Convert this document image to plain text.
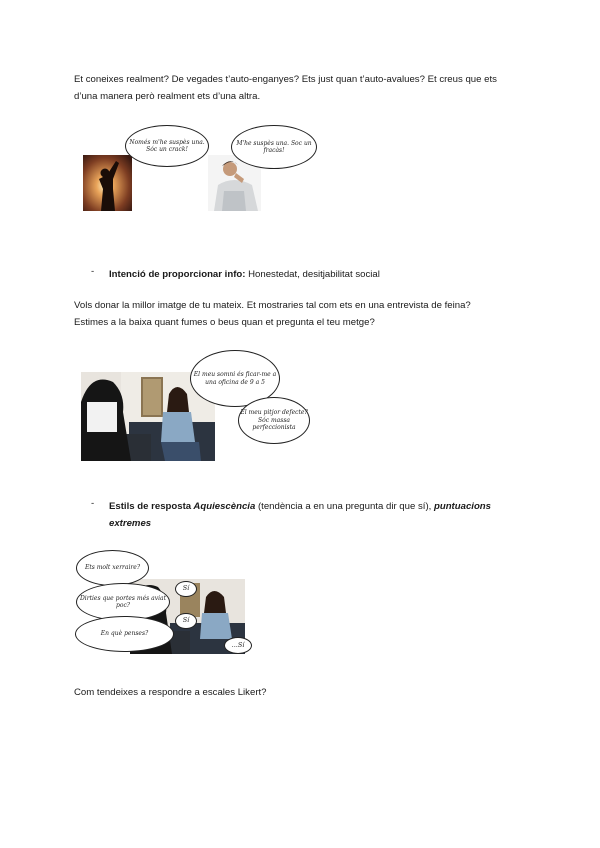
Et coneixes realment? De vegades t’auto-enganyes? Ets just quan t’auto-avalues? Et creus que ets
d’una manera però realment ets d’una altra.
Només m'he suspès una. Sóc un crack!
M'he suspès una. Soc un fracàs!
- Intenció de proporcionar info: Honestedat, desitjabilitat social
Vols donar la millor imatge de tu mateix. Et mostraries tal com ets en una entrevista de feina?
Estimes a la baixa quant fumes o beus quan et pregunta el teu metge?
El meu somni és ficar-me a una oficina de 9 a 5
El meu pitjor defecte? Sóc massa perfeccionista
- Estils de resposta Aquiescència (tendència a en una pregunta dir que sí), puntuacions
extremes
Ets molt xerraire?
Dirties que portes més aviat poc?
En què penses?
Sí
Sí
...Sí
Com tendeixes a respondre a escales Likert?
